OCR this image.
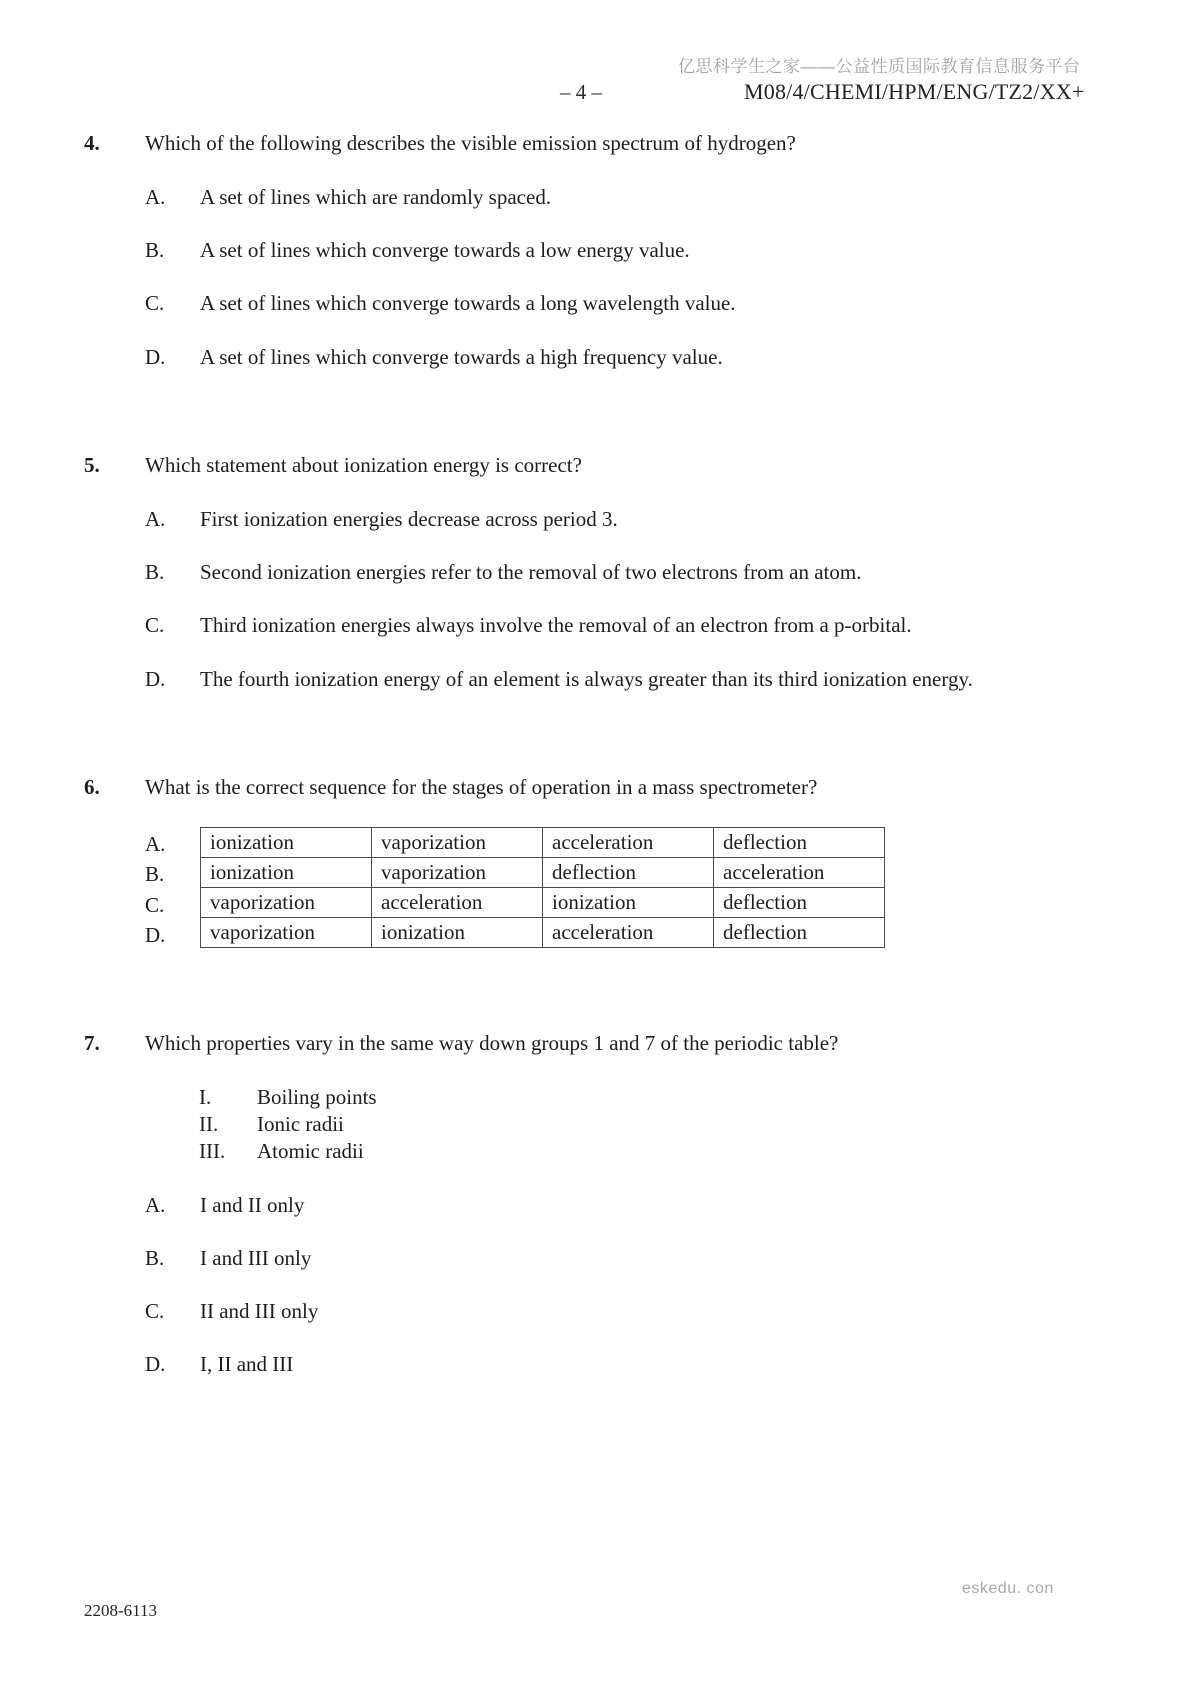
亿思科学生之家——公益性质国际教育信息服务平台
– 4 –	M08/4/CHEMI/HPM/ENG/TZ2/XX+
4. Which of the following describes the visible emission spectrum of hydrogen?
A. A set of lines which are randomly spaced.
B. A set of lines which converge towards a low energy value.
C. A set of lines which converge towards a long wavelength value.
D. A set of lines which converge towards a high frequency value.
5. Which statement about ionization energy is correct?
A. First ionization energies decrease across period 3.
B. Second ionization energies refer to the removal of two electrons from an atom.
C. Third ionization energies always involve the removal of an electron from a p-orbital.
D. The fourth ionization energy of an element is always greater than its third ionization energy.
6. What is the correct sequence for the stages of operation in a mass spectrometer?
A.
B.
C.
D.
ionization	vaporization	acceleration	deflection
ionization	vaporization	deflection	acceleration
vaporization	acceleration	ionization	deflection
vaporization	ionization	acceleration	deflection
7. Which properties vary in the same way down groups 1 and 7 of the periodic table?
I. Boiling points
II. Ionic radii
III. Atomic radii
A. I and II only
B. I and III only
C. II and III only
D. I, II and III
2208-6113
eskedu. con
